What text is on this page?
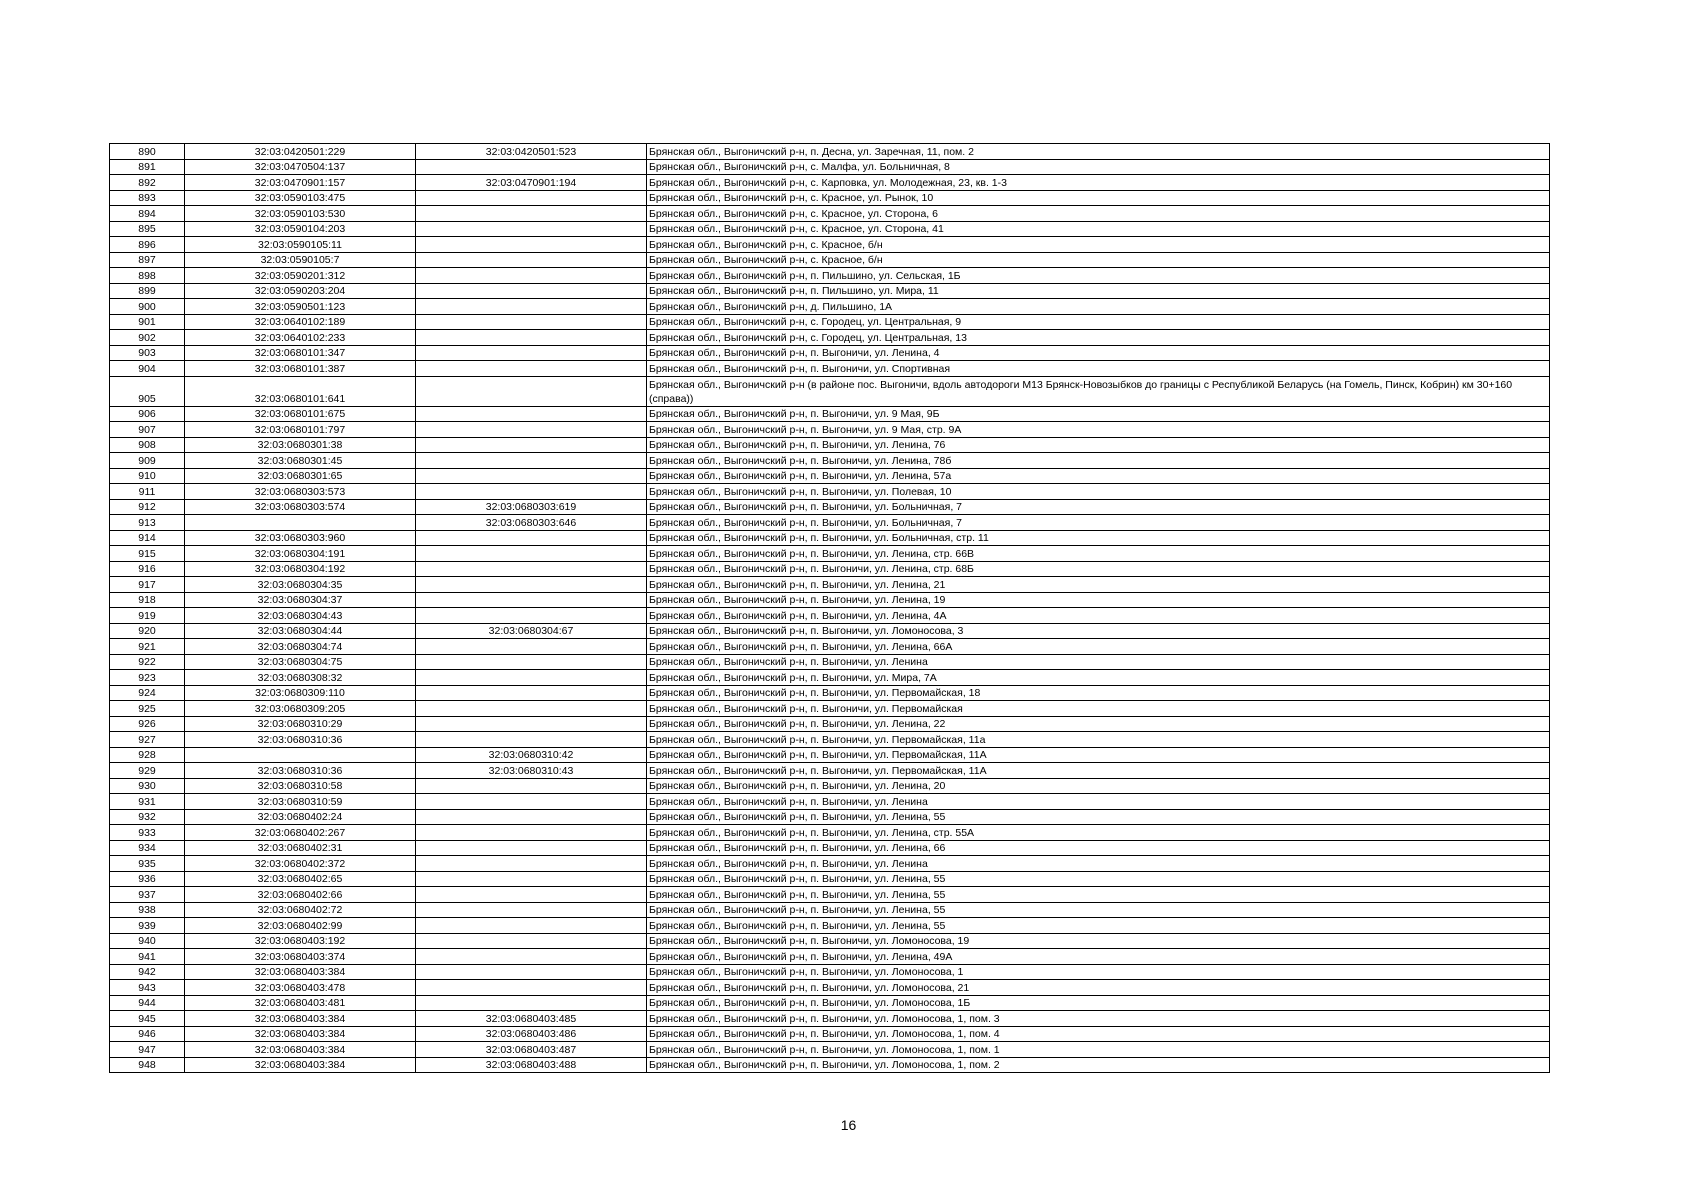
890	32:03:0420501:229	32:03:0420501:523	Брянская обл., Выгоничский р-н, п. Десна, ул. Заречная, 11, пом. 2
891	32:03:0470504:137		Брянская обл., Выгоничский р-н, с. Малфа, ул. Больничная, 8
892	32:03:0470901:157	32:03:0470901:194	Брянская обл., Выгоничский р-н, с. Карповка, ул. Молодежная, 23, кв. 1-3
893	32:03:0590103:475		Брянская обл., Выгоничский р-н, с. Красное, ул. Рынок, 10
894	32:03:0590103:530		Брянская обл., Выгоничский р-н, с. Красное, ул. Сторона, 6
895	32:03:0590104:203		Брянская обл., Выгоничский р-н, с. Красное, ул. Сторона, 41
896	32:03:0590105:11		Брянская обл., Выгоничский р-н, с. Красное, б/н
897	32:03:0590105:7		Брянская обл., Выгоничский р-н, с. Красное, б/н
898	32:03:0590201:312		Брянская обл., Выгоничский р-н, п. Пильшино, ул. Сельская, 1Б
899	32:03:0590203:204		Брянская обл., Выгоничский р-н, п. Пильшино, ул. Мира, 11
900	32:03:0590501:123		Брянская обл., Выгоничский р-н, д. Пильшино, 1А
901	32:03:0640102:189		Брянская обл., Выгоничский р-н, с. Городец, ул. Центральная, 9
902	32:03:0640102:233		Брянская обл., Выгоничский р-н, с. Городец, ул. Центральная, 13
903	32:03:0680101:347		Брянская обл., Выгоничский р-н, п. Выгоничи, ул. Ленина, 4
904	32:03:0680101:387		Брянская обл., Выгоничский р-н, п. Выгоничи, ул. Спортивная
905	32:03:0680101:641		Брянская обл., Выгоничский р-н (в районе пос. Выгоничи, вдоль автодороги М13 Брянск-Новозыбков до границы с Республикой Беларусь (на Гомель, Пинск, Кобрин) км 30+160 (справа))
906	32:03:0680101:675		Брянская обл., Выгоничский р-н, п. Выгоничи, ул. 9 Мая, 9Б
907	32:03:0680101:797		Брянская обл., Выгоничский р-н, п. Выгоничи, ул. 9 Мая, стр. 9А
908	32:03:0680301:38		Брянская обл., Выгоничский р-н, п. Выгоничи, ул. Ленина, 76
909	32:03:0680301:45		Брянская обл., Выгоничский р-н, п. Выгоничи, ул. Ленина, 78б
910	32:03:0680301:65		Брянская обл., Выгоничский р-н, п. Выгоничи, ул. Ленина, 57а
911	32:03:0680303:573		Брянская обл., Выгоничский р-н, п. Выгоничи, ул. Полевая, 10
912	32:03:0680303:574	32:03:0680303:619	Брянская обл., Выгоничский р-н, п. Выгоничи, ул. Больничная, 7
913		32:03:0680303:646	Брянская обл., Выгоничский р-н, п. Выгоничи, ул. Больничная, 7
914	32:03:0680303:960		Брянская обл., Выгоничский р-н, п. Выгоничи, ул. Больничная, стр. 11
915	32:03:0680304:191		Брянская обл., Выгоничский р-н, п. Выгоничи, ул. Ленина, стр. 66В
916	32:03:0680304:192		Брянская обл., Выгоничский р-н, п. Выгоничи, ул. Ленина, стр. 68Б
917	32:03:0680304:35		Брянская обл., Выгоничский р-н, п. Выгоничи, ул. Ленина, 21
918	32:03:0680304:37		Брянская обл., Выгоничский р-н, п. Выгоничи, ул. Ленина, 19
919	32:03:0680304:43		Брянская обл., Выгоничский р-н, п. Выгоничи, ул. Ленина, 4А
920	32:03:0680304:44	32:03:0680304:67	Брянская обл., Выгоничский р-н, п. Выгоничи, ул. Ломоносова, 3
921	32:03:0680304:74		Брянская обл., Выгоничский р-н, п. Выгоничи, ул. Ленина, 66А
922	32:03:0680304:75		Брянская обл., Выгоничский р-н, п. Выгоничи, ул. Ленина
923	32:03:0680308:32		Брянская обл., Выгоничский р-н, п. Выгоничи, ул. Мира, 7А
924	32:03:0680309:110		Брянская обл., Выгоничский р-н, п. Выгоничи, ул. Первомайская, 18
925	32:03:0680309:205		Брянская обл., Выгоничский р-н, п. Выгоничи, ул. Первомайская
926	32:03:0680310:29		Брянская обл., Выгоничский р-н, п. Выгоничи, ул. Ленина, 22
927	32:03:0680310:36		Брянская обл., Выгоничский р-н, п. Выгоничи, ул. Первомайская, 11а
928		32:03:0680310:42	Брянская обл., Выгоничский р-н, п. Выгоничи, ул. Первомайская, 11А
929	32:03:0680310:36	32:03:0680310:43	Брянская обл., Выгоничский р-н, п. Выгоничи, ул. Первомайская, 11А
930	32:03:0680310:58		Брянская обл., Выгоничский р-н, п. Выгоничи, ул. Ленина, 20
931	32:03:0680310:59		Брянская обл., Выгоничский р-н, п. Выгоничи, ул. Ленина
932	32:03:0680402:24		Брянская обл., Выгоничский р-н, п. Выгоничи, ул. Ленина, 55
933	32:03:0680402:267		Брянская обл., Выгоничский р-н, п. Выгоничи, ул. Ленина, стр. 55А
934	32:03:0680402:31		Брянская обл., Выгоничский р-н, п. Выгоничи, ул. Ленина, 66
935	32:03:0680402:372		Брянская обл., Выгоничский р-н, п. Выгоничи, ул. Ленина
936	32:03:0680402:65		Брянская обл., Выгоничский р-н, п. Выгоничи, ул. Ленина, 55
937	32:03:0680402:66		Брянская обл., Выгоничский р-н, п. Выгоничи, ул. Ленина, 55
938	32:03:0680402:72		Брянская обл., Выгоничский р-н, п. Выгоничи, ул. Ленина, 55
939	32:03:0680402:99		Брянская обл., Выгоничский р-н, п. Выгоничи, ул. Ленина, 55
940	32:03:0680403:192		Брянская обл., Выгоничский р-н, п. Выгоничи, ул. Ломоносова, 19
941	32:03:0680403:374		Брянская обл., Выгоничский р-н, п. Выгоничи, ул. Ленина, 49А
942	32:03:0680403:384		Брянская обл., Выгоничский р-н, п. Выгоничи, ул. Ломоносова, 1
943	32:03:0680403:478		Брянская обл., Выгоничский р-н, п. Выгоничи, ул. Ломоносова, 21
944	32:03:0680403:481		Брянская обл., Выгоничский р-н, п. Выгоничи, ул. Ломоносова, 1Б
945	32:03:0680403:384	32:03:0680403:485	Брянская обл., Выгоничский р-н, п. Выгоничи, ул. Ломоносова, 1, пом. 3
946	32:03:0680403:384	32:03:0680403:486	Брянская обл., Выгоничский р-н, п. Выгоничи, ул. Ломоносова, 1, пом. 4
947	32:03:0680403:384	32:03:0680403:487	Брянская обл., Выгоничский р-н, п. Выгоничи, ул. Ломоносова, 1, пом. 1
948	32:03:0680403:384	32:03:0680403:488	Брянская обл., Выгоничский р-н, п. Выгоничи, ул. Ломоносова, 1, пом. 2
16
